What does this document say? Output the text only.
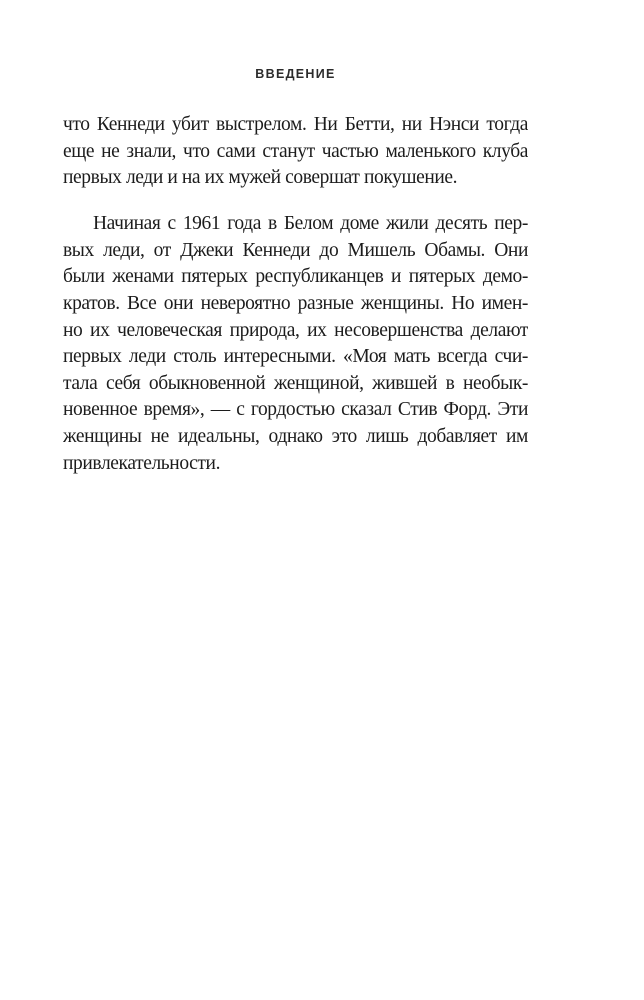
ВВЕДЕНИЕ

что Кеннеди убит выстрелом. Ни Бетти, ни Нэнси тогда
еще не знали, что сами станут частью маленького клуба
первых леди и на их мужей совершат покушение.

Начиная с 1961 года в Белом доме жили десять пер-
вых леди, от Джеки Кеннеди до Мишель Обамы. Они
были женами пятерых республиканцев и пятерых демо-
кратов. Все они невероятно разные женщины. Но имен-
но их человеческая природа, их несовершенства делают
первых леди столь интересными. «Моя мать всегда счи-
тала себя обыкновенной женщиной, жившей в необык-
новенное время», — с гордостью сказал Стив Форд. Эти
женщины не идеальны, однако это лишь добавляет им
привлекательности.
